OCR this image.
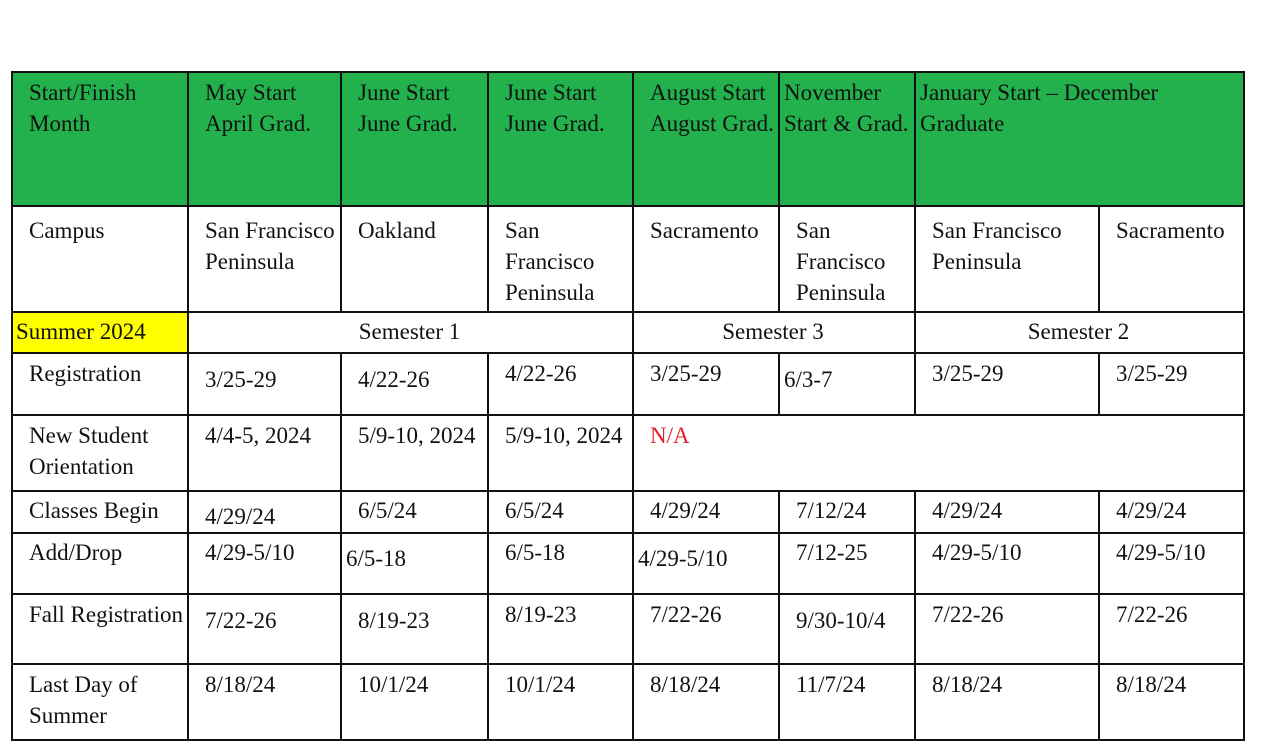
Start/Finish Month	May Start April Grad.	June Start June Grad.	June Start June Grad.	August Start August Grad.	November Start & Grad.	January Start – December Graduate	
Campus	San Francisco Peninsula	Oakland	San Francisco Peninsula	Sacramento	San Francisco Peninsula	San Francisco Peninsula	Sacramento
Summer 2024	Semester 1			Semester 3		Semester 2	
Registration	3/25-29	4/22-26	4/22-26	3/25-29	6/3-7	3/25-29	3/25-29
New Student Orientation	4/4-5, 2024	5/9-10, 2024	5/9-10, 2024	N/A			
Classes Begin	4/29/24	6/5/24	6/5/24	4/29/24	7/12/24	4/29/24	4/29/24
Add/Drop	4/29-5/10	6/5-18	6/5-18	4/29-5/10	7/12-25	4/29-5/10	4/29-5/10
Fall Registration	7/22-26	8/19-23	8/19-23	7/22-26	9/30-10/4	7/22-26	7/22-26
Last Day of Summer	8/18/24	10/1/24	10/1/24	8/18/24	11/7/24	8/18/24	8/18/24
